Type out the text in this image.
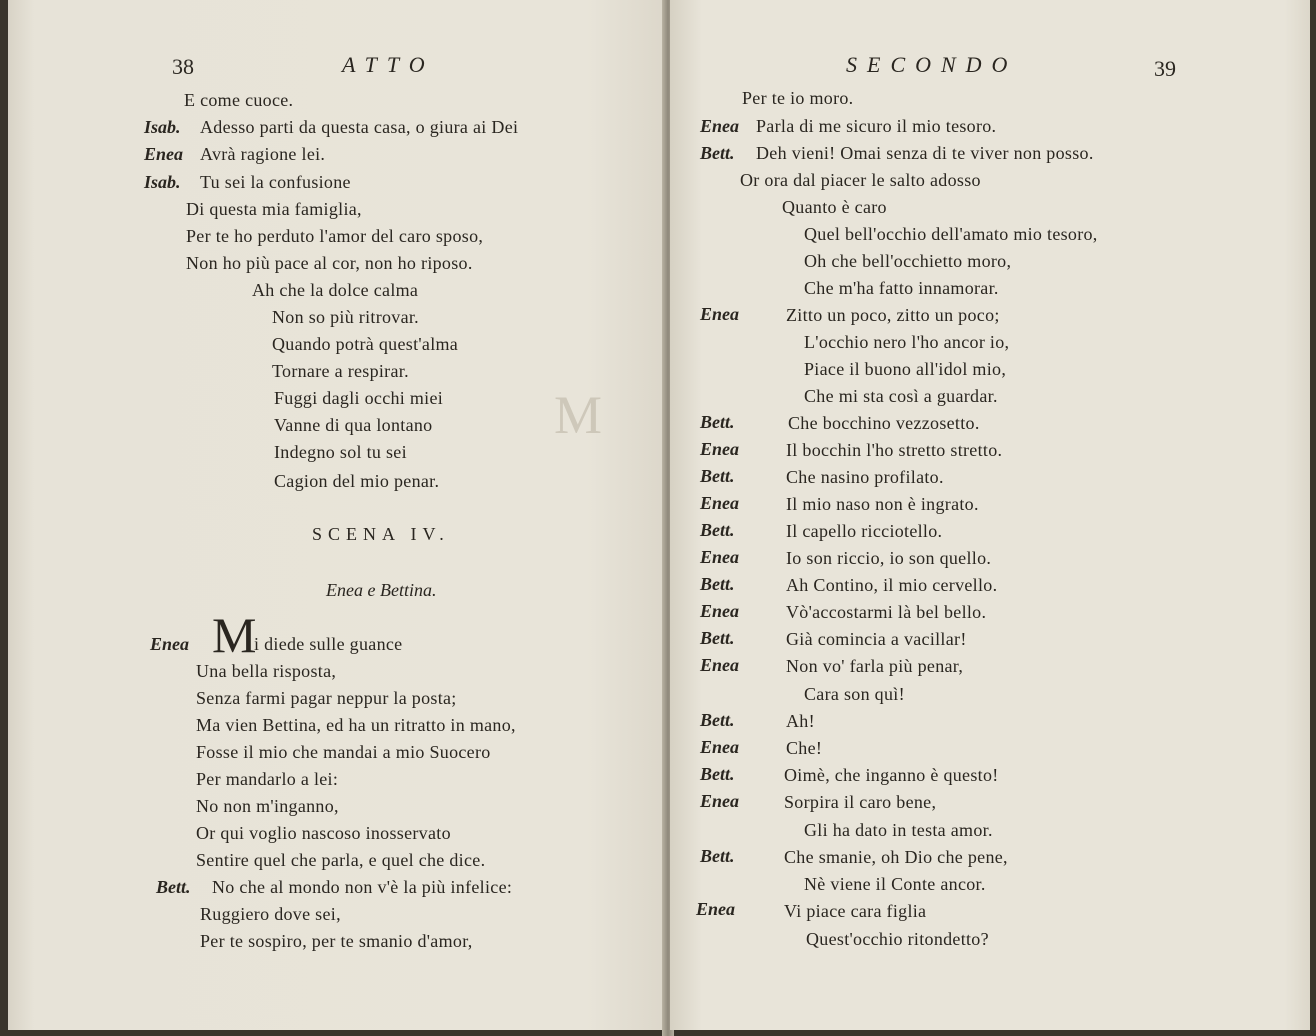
38	ATTO
E come cuoce.
Isab. Adesso parti da questa casa, o giura ai Dei
Enea Avrà ragione lei.
Isab. Tu sei la confusione
Di questa mia famiglia,
Per te ho perduto l'amor del caro sposo,
Non ho più pace al cor, non ho riposo.
Ah che la dolce calma
Non so più ritrovar.
Quando potrà quest'alma
Tornare a respirar.
Fuggi dagli occhi miei
Vanne di qua lontano
Indegno sol tu sei
Cagion del mio penar.
M
SCENA IV.
Enea e Bettina.
Enea M
i diede sulle guance
Una bella risposta,
Senza farmi pagar neppur la posta;
Ma vien Bettina, ed ha un ritratto in mano,
Fosse il mio che mandai a mio Suocero
Per mandarlo a lei:
No non m'inganno,
Or qui voglio nascoso inosservato
Sentire quel che parla, e quel che dice.
Bett. No che al mondo non v'è la più infelice:
Ruggiero dove sei,
Per te sospiro, per te smanio d'amor,
SECONDO	39
Per te io moro.
Enea Parla di me sicuro il mio tesoro.
Bett. Deh vieni! Omai senza di te viver non posso.
Or ora dal piacer le salto adosso
Quanto è caro
Quel bell'occhio dell'amato mio tesoro,
Oh che bell'occhietto moro,
Che m'ha fatto innamorar.
Enea	Zitto un poco, zitto un poco;
L'occhio nero l'ho ancor io,
Piace il buono all'idol mio,
Che mi sta così a guardar.
Bett.	Che bocchino vezzosetto.
Enea	Il bocchin l'ho stretto stretto.
Bett.	Che nasino profilato.
Enea	Il mio naso non è ingrato.
Bett.	Il capello ricciotello.
Enea	Io son riccio, io son quello.
Bett.	Ah Contino, il mio cervello.
Enea	Vò'accostarmi là bel bello.
Bett.	Già comincia a vacillar!
Enea	Non vo' farla più penar,
Cara son quì!
Bett.	Ah!
Enea	Che!
Bett.	Oimè, che inganno è questo!
Enea Sorpira il caro bene,
Gli ha dato in testa amor.
Bett.	Che smanie, oh Dio che pene,
Nè viene il Conte ancor.
Enea	Vi piace cara figlia
Quest'occhio ritondetto?
